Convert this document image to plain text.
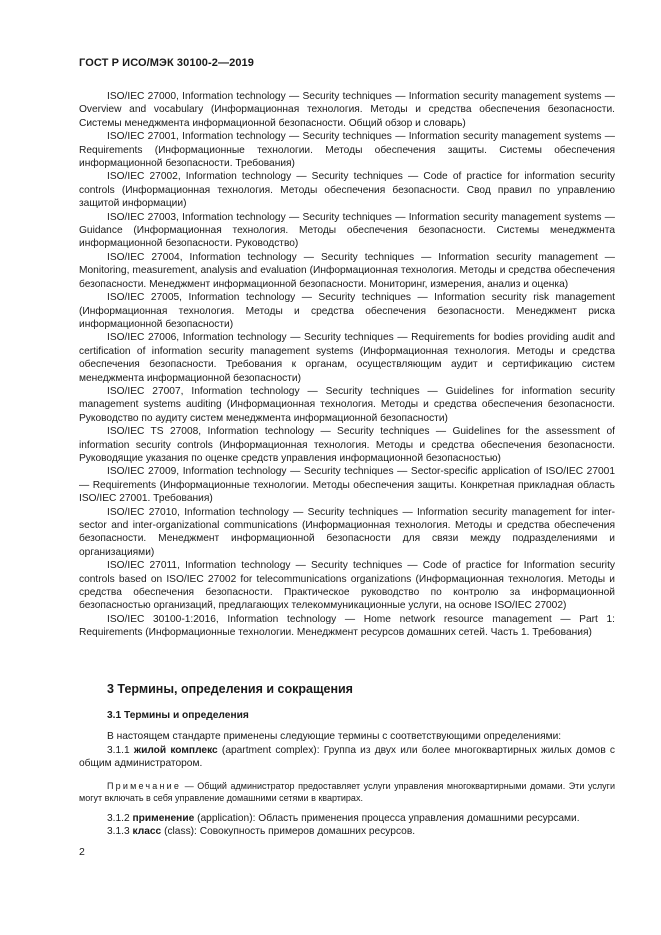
ГОСТ Р ИСО/МЭК 30100-2—2019

ISO/IEC 27000, Information technology — Security techniques — Information security management systems — Overview and vocabulary (Информационная технология. Методы и средства обеспечения безопасности. Системы менеджмента информационной безопасности. Общий обзор и словарь)

ISO/IEC 27001, Information technology — Security techniques — Information security management systems — Requirements (Информационные технологии. Методы обеспечения защиты. Системы обеспечения информационной безопасности. Требования)

ISO/IEC 27002, Information technology — Security techniques — Code of practice for information security controls (Информационная технология. Методы обеспечения безопасности. Свод правил по управлению защитой информации)

ISO/IEC 27003, Information technology — Security techniques — Information security management systems — Guidance (Информационная технология. Методы обеспечения безопасности. Системы менеджмента информационной безопасности. Руководство)

ISO/IEC 27004, Information technology — Security techniques — Information security management — Monitoring, measurement, analysis and evaluation (Информационная технология. Методы и средства обеспечения безопасности. Менеджмент информационной безопасности. Мониторинг, измерения, анализ и оценка)

ISO/IEC 27005, Information technology — Security techniques — Information security risk management (Информационная технология. Методы и средства обеспечения безопасности. Менеджмент риска информационной безопасности)

ISO/IEC 27006, Information technology — Security techniques — Requirements for bodies providing audit and certification of information security management systems (Информационная технология. Методы и средства обеспечения безопасности. Требования к органам, осуществляющим аудит и сертификацию систем менеджмента информационной безопасности)

ISO/IEC 27007, Information technology — Security techniques — Guidelines for information security management systems auditing (Информационная технология. Методы и средства обеспечения безопасности. Руководство по аудиту систем менеджмента информационной безопасности)

ISO/IEC TS 27008, Information technology — Security techniques — Guidelines for the assessment of information security controls (Информационная технология. Методы и средства обеспечения безопасности. Руководящие указания по оценке средств управления информационной безопасностью)

ISO/IEC 27009, Information technology — Security techniques — Sector-specific application of ISO/IEC 27001 — Requirements (Информационные технологии. Методы обеспечения защиты. Конкретная прикладная область ISO/IEC 27001. Требования)

ISO/IEC 27010, Information technology — Security techniques — Information security management for inter-sector and inter-organizational communications (Информационная технология. Методы и средства обеспечения безопасности. Менеджмент информационной безопасности для связи между подразделениями и организациями)

ISO/IEC 27011, Information technology — Security techniques — Code of practice for Information security controls based on ISO/IEC 27002 for telecommunications organizations (Информационная технология. Методы и средства обеспечения безопасности. Практическое руководство по контролю за информационной безопасностью организаций, предлагающих телекоммуникационные услуги, на основе ISO/IEC 27002)

ISO/IEC 30100-1:2016, Information technology — Home network resource management — Part 1: Requirements (Информационные технологии. Менеджмент ресурсов домашних сетей. Часть 1. Требования)

3 Термины, определения и сокращения
3.1 Термины и определения

В настоящем стандарте применены следующие термины с соответствующими определениями:

3.1.1 жилой комплекс (apartment complex): Группа из двух или более многоквартирных жилых домов с общим администратором.

Примечание — Общий администратор предоставляет услуги управления многоквартирными домами. Эти услуги могут включать в себя управление домашними сетями в квартирах.

3.1.2 применение (application): Область применения процесса управления домашними ресурсами.

3.1.3 класс (class): Совокупность примеров домашних ресурсов.

2
